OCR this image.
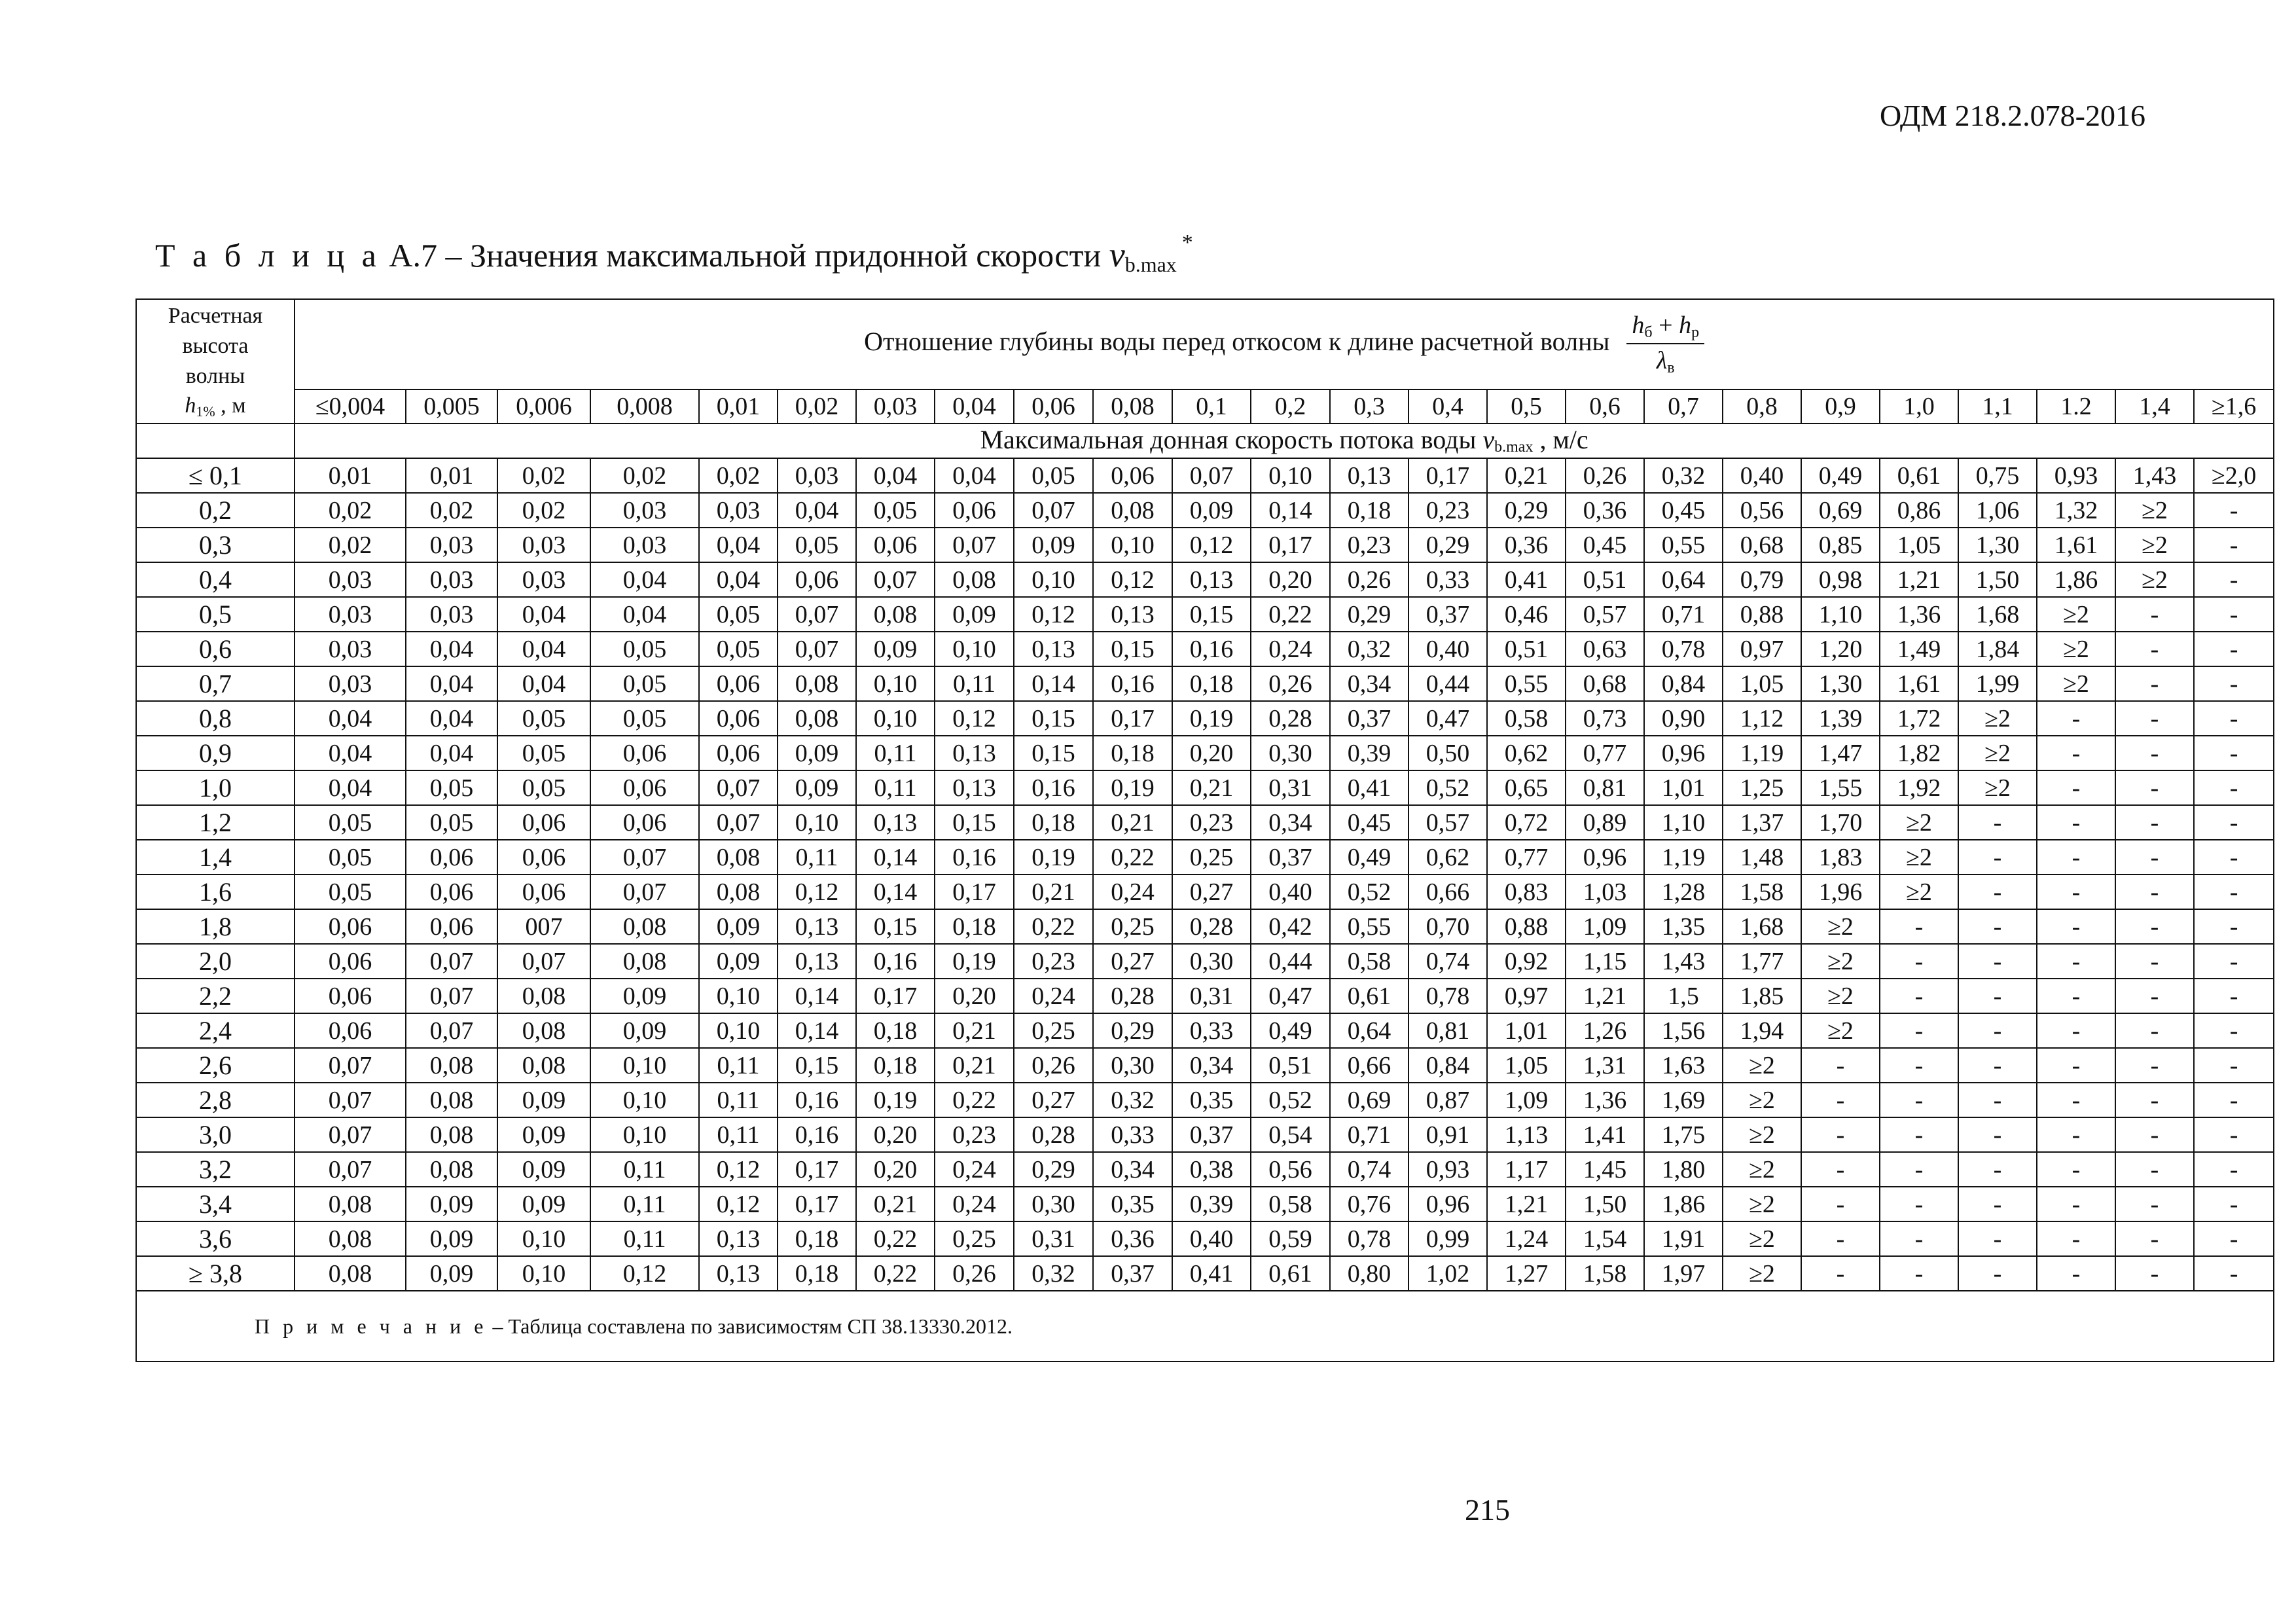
ОДМ 218.2.078-2016
Т а б л и ц а А.7 – Значения максимальной придонной скорости $v_{b.max}^*$
Расчетная
высота
волны
$h_{1\%}$ , м	Отношение глубины воды перед откосом к длине расчетной волны $\frac{hб + hр}{\lambda в}$

	≤0,004	0,005	0,006	0,008	0,01	0,02	0,03	0,04	0,06	0,08	0,1	0,2	0,3	0,4	0,5	0,6	0,7	0,8	0,9	1,0	1,1	1.2	1,4	≥1,6
	Максимальная донная скорость потока воды $v_{b.max}$ , м/с																							
≤ 0,1	0,01	0,01	0,02	0,02	0,02	0,03	0,04	0,04	0,05	0,06	0,07	0,10	0,13	0,17	0,21	0,26	0,32	0,40	0,49	0,61	0,75	0,93	1,43	≥2,0
0,2	0,02	0,02	0,02	0,03	0,03	0,04	0,05	0,06	0,07	0,08	0,09	0,14	0,18	0,23	0,29	0,36	0,45	0,56	0,69	0,86	1,06	1,32	≥2	-
0,3	0,02	0,03	0,03	0,03	0,04	0,05	0,06	0,07	0,09	0,10	0,12	0,17	0,23	0,29	0,36	0,45	0,55	0,68	0,85	1,05	1,30	1,61	≥2	-
0,4	0,03	0,03	0,03	0,04	0,04	0,06	0,07	0,08	0,10	0,12	0,13	0,20	0,26	0,33	0,41	0,51	0,64	0,79	0,98	1,21	1,50	1,86	≥2	-
0,5	0,03	0,03	0,04	0,04	0,05	0,07	0,08	0,09	0,12	0,13	0,15	0,22	0,29	0,37	0,46	0,57	0,71	0,88	1,10	1,36	1,68	≥2	-	-
0,6	0,03	0,04	0,04	0,05	0,05	0,07	0,09	0,10	0,13	0,15	0,16	0,24	0,32	0,40	0,51	0,63	0,78	0,97	1,20	1,49	1,84	≥2	-	-
0,7	0,03	0,04	0,04	0,05	0,06	0,08	0,10	0,11	0,14	0,16	0,18	0,26	0,34	0,44	0,55	0,68	0,84	1,05	1,30	1,61	1,99	≥2	-	-
0,8	0,04	0,04	0,05	0,05	0,06	0,08	0,10	0,12	0,15	0,17	0,19	0,28	0,37	0,47	0,58	0,73	0,90	1,12	1,39	1,72	≥2	-	-	-
0,9	0,04	0,04	0,05	0,06	0,06	0,09	0,11	0,13	0,15	0,18	0,20	0,30	0,39	0,50	0,62	0,77	0,96	1,19	1,47	1,82	≥2	-	-	-
1,0	0,04	0,05	0,05	0,06	0,07	0,09	0,11	0,13	0,16	0,19	0,21	0,31	0,41	0,52	0,65	0,81	1,01	1,25	1,55	1,92	≥2	-	-	-
1,2	0,05	0,05	0,06	0,06	0,07	0,10	0,13	0,15	0,18	0,21	0,23	0,34	0,45	0,57	0,72	0,89	1,10	1,37	1,70	≥2	-	-	-	-
1,4	0,05	0,06	0,06	0,07	0,08	0,11	0,14	0,16	0,19	0,22	0,25	0,37	0,49	0,62	0,77	0,96	1,19	1,48	1,83	≥2	-	-	-	-
1,6	0,05	0,06	0,06	0,07	0,08	0,12	0,14	0,17	0,21	0,24	0,27	0,40	0,52	0,66	0,83	1,03	1,28	1,58	1,96	≥2	-	-	-	-
1,8	0,06	0,06	007	0,08	0,09	0,13	0,15	0,18	0,22	0,25	0,28	0,42	0,55	0,70	0,88	1,09	1,35	1,68	≥2	-	-	-	-	-
2,0	0,06	0,07	0,07	0,08	0,09	0,13	0,16	0,19	0,23	0,27	0,30	0,44	0,58	0,74	0,92	1,15	1,43	1,77	≥2	-	-	-	-	-
2,2	0,06	0,07	0,08	0,09	0,10	0,14	0,17	0,20	0,24	0,28	0,31	0,47	0,61	0,78	0,97	1,21	1,5	1,85	≥2	-	-	-	-	-
2,4	0,06	0,07	0,08	0,09	0,10	0,14	0,18	0,21	0,25	0,29	0,33	0,49	0,64	0,81	1,01	1,26	1,56	1,94	≥2	-	-	-	-	-
2,6	0,07	0,08	0,08	0,10	0,11	0,15	0,18	0,21	0,26	0,30	0,34	0,51	0,66	0,84	1,05	1,31	1,63	≥2	-	-	-	-	-	-
2,8	0,07	0,08	0,09	0,10	0,11	0,16	0,19	0,22	0,27	0,32	0,35	0,52	0,69	0,87	1,09	1,36	1,69	≥2	-	-	-	-	-	-
3,0	0,07	0,08	0,09	0,10	0,11	0,16	0,20	0,23	0,28	0,33	0,37	0,54	0,71	0,91	1,13	1,41	1,75	≥2	-	-	-	-	-	-
3,2	0,07	0,08	0,09	0,11	0,12	0,17	0,20	0,24	0,29	0,34	0,38	0,56	0,74	0,93	1,17	1,45	1,80	≥2	-	-	-	-	-	-
3,4	0,08	0,09	0,09	0,11	0,12	0,17	0,21	0,24	0,30	0,35	0,39	0,58	0,76	0,96	1,21	1,50	1,86	≥2	-	-	-	-	-	-
3,6	0,08	0,09	0,10	0,11	0,13	0,18	0,22	0,25	0,31	0,36	0,40	0,59	0,78	0,99	1,24	1,54	1,91	≥2	-	-	-	-	-	-
≥ 3,8	0,08	0,09	0,10	0,12	0,13	0,18	0,22	0,26	0,32	0,37	0,41	0,61	0,80	1,02	1,27	1,58	1,97	≥2	-	-	-	-	-	-
П р и м е ч а н и е – Таблица составлена по зависимостям СП 38.13330.2012.																								
215
